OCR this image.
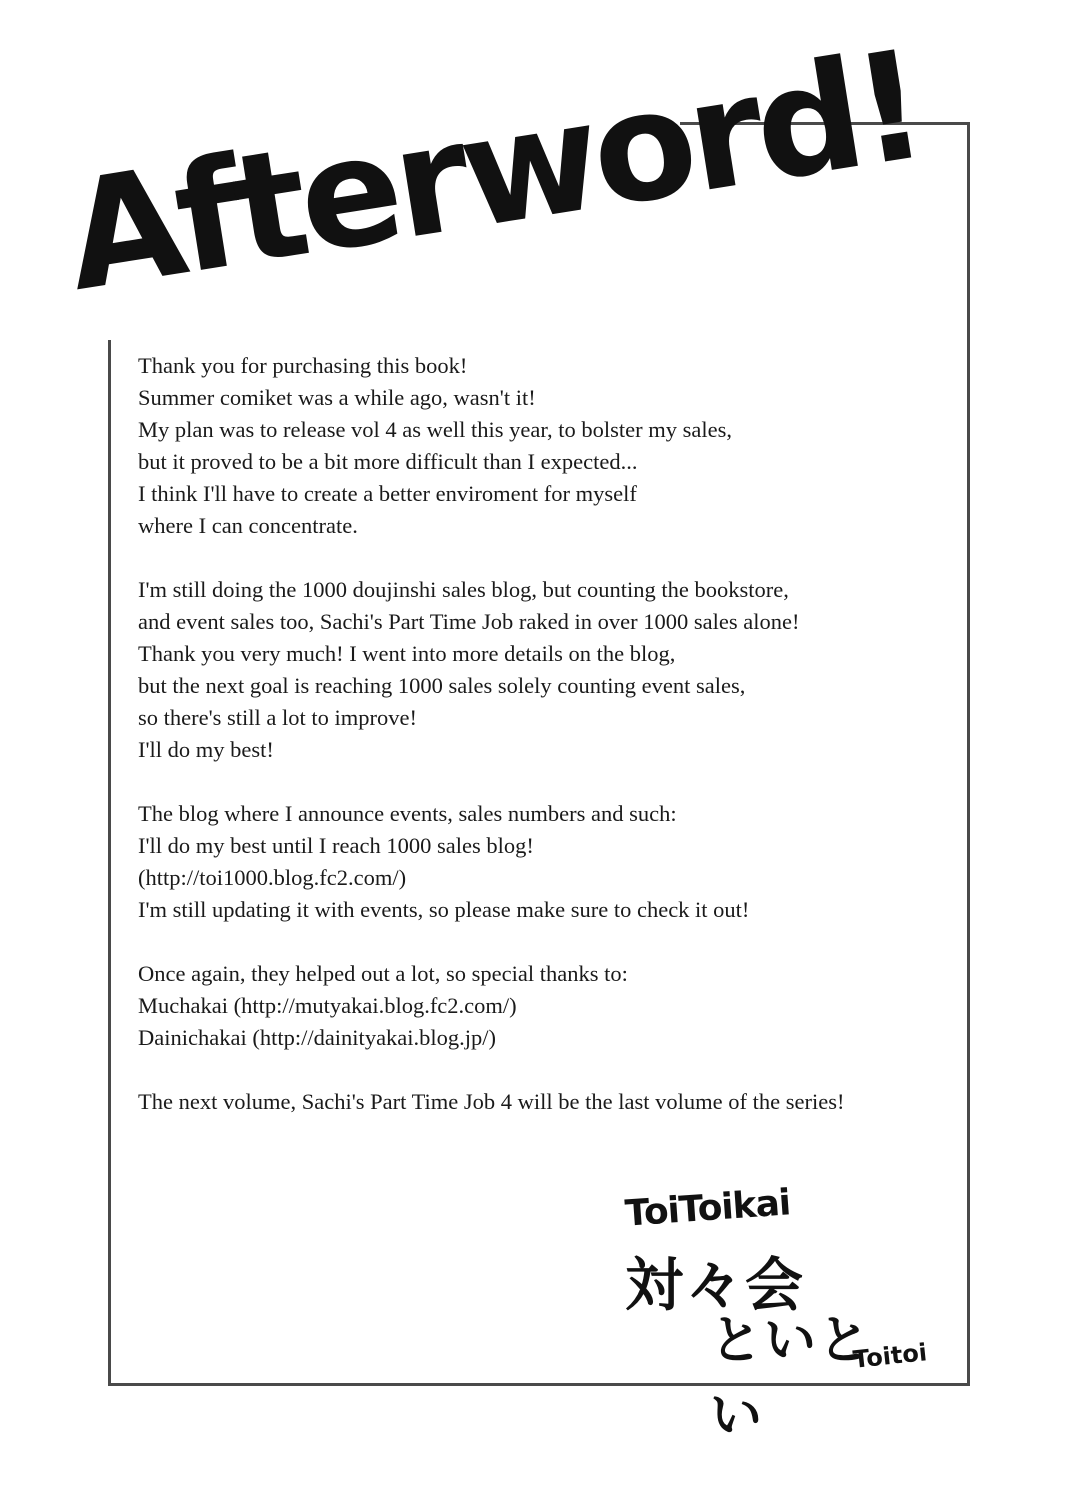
Afterword!
Thank you for purchasing this book!
Summer comiket was a while ago, wasn't it!
My plan was to release vol 4 as well this year, to bolster my sales,
but it proved to be a bit more difficult than I expected...
I think I'll have to create a better enviroment for myself
where I can concentrate.
I'm still doing the 1000 doujinshi sales blog, but counting the bookstore,
and event sales too, Sachi's Part Time Job raked in over 1000 sales alone!
Thank you very much! I went into more details on the blog,
but the next goal is reaching 1000 sales solely counting event sales,
so there's still a lot to improve!
I'll do my best!
The blog where I announce events, sales numbers and such:
I'll do my best until I reach 1000 sales blog!
(http://toi1000.blog.fc2.com/)
I'm still updating it with events, so please make sure to check it out!
Once again, they helped out a lot, so special thanks to:
Muchakai (http://mutyakai.blog.fc2.com/)
Dainichakai (http://dainityakai.blog.jp/)
The next volume, Sachi's Part Time Job 4 will be the last volume of the series!
ToiToikai
対々会
といとい
Toitoi
